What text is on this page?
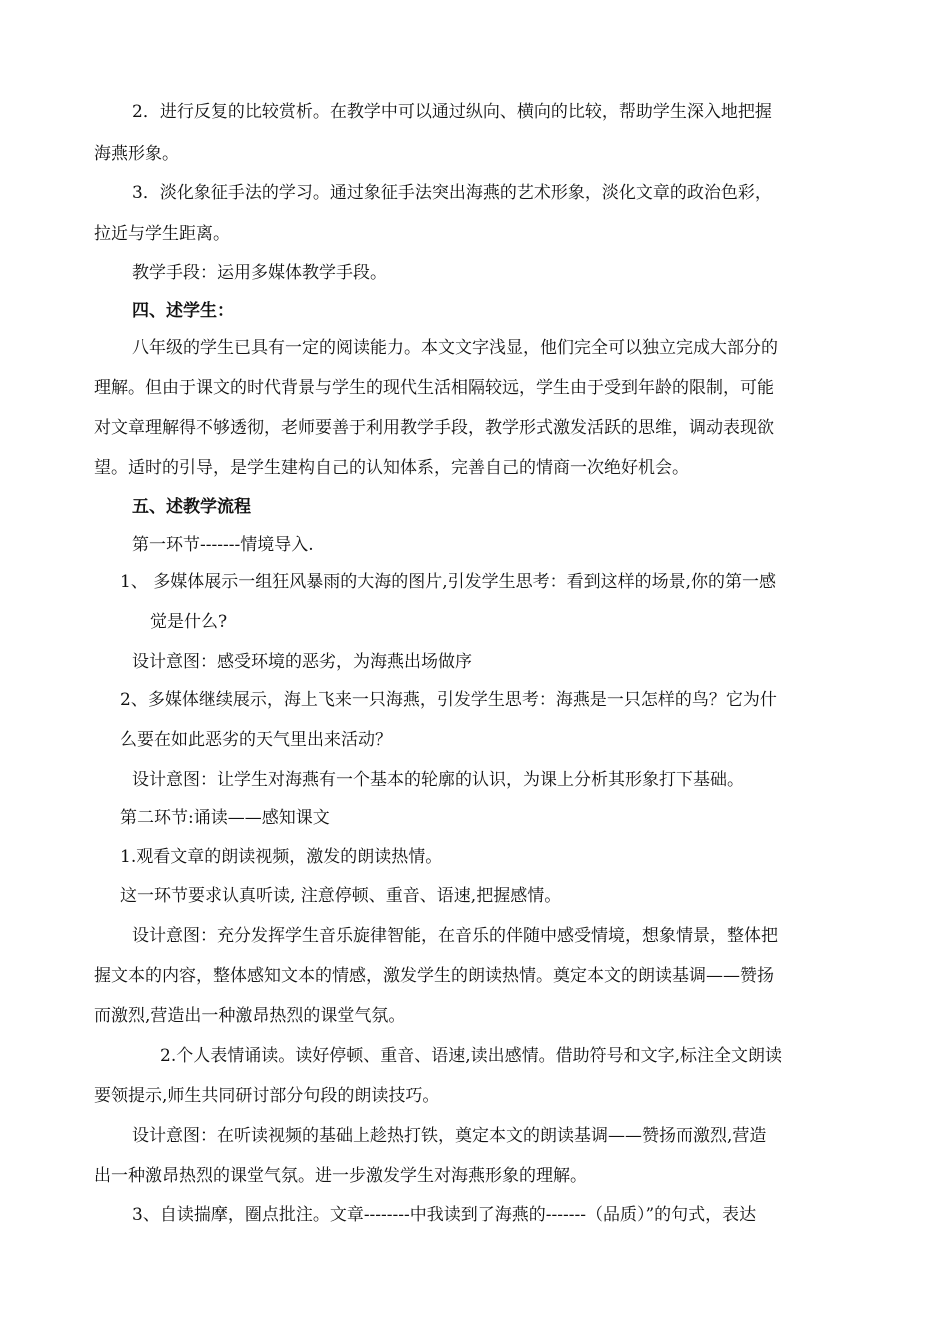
2．进行反复的比较赏析。在教学中可以通过纵向、横向的比较，帮助学生深入地把握
海燕形象。
3．淡化象征手法的学习。通过象征手法突出海燕的艺术形象，淡化文章的政治色彩，
拉近与学生距离。
教学手段：运用多媒体教学手段。
四、述学生：
八年级的学生已具有一定的阅读能力。本文文字浅显，他们完全可以独立完成大部分的
理解。但由于课文的时代背景与学生的现代生活相隔较远，学生由于受到年龄的限制，可能
对文章理解得不够透彻，老师要善于利用教学手段，教学形式激发活跃的思维，调动表现欲
望。适时的引导，是学生建构自己的认知体系，完善自己的情商一次绝好机会。
五、述教学流程
第一环节-------情境导入.
1、 多媒体展示一组狂风暴雨的大海的图片,引发学生思考：看到这样的场景,你的第一感
觉是什么?
设计意图：感受环境的恶劣，为海燕出场做序
2、多媒体继续展示，海上飞来一只海燕，引发学生思考：海燕是一只怎样的鸟？它为什
么要在如此恶劣的天气里出来活动？
设计意图：让学生对海燕有一个基本的轮廓的认识，为课上分析其形象打下基础。
第二环节:诵读——感知课文
1.观看文章的朗读视频，激发的朗读热情。
这一环节要求认真听读, 注意停顿、重音、语速,把握感情。
设计意图：充分发挥学生音乐旋律智能，在音乐的伴随中感受情境，想象情景，整体把
握文本的内容，整体感知文本的情感，激发学生的朗读热情。奠定本文的朗读基调——赞扬
而激烈,营造出一种激昂热烈的课堂气氛。
2.个人表情诵读。读好停顿、重音、语速,读出感情。借助符号和文字,标注全文朗读
要领提示,师生共同研讨部分句段的朗读技巧。
设计意图：在听读视频的基础上趁热打铁，奠定本文的朗读基调——赞扬而激烈,营造
出一种激昂热烈的课堂气氛。进一步激发学生对海燕形象的理解。
3、自读揣摩，圈点批注。文章--------中我读到了海燕的-------（品质）”的句式，表达
